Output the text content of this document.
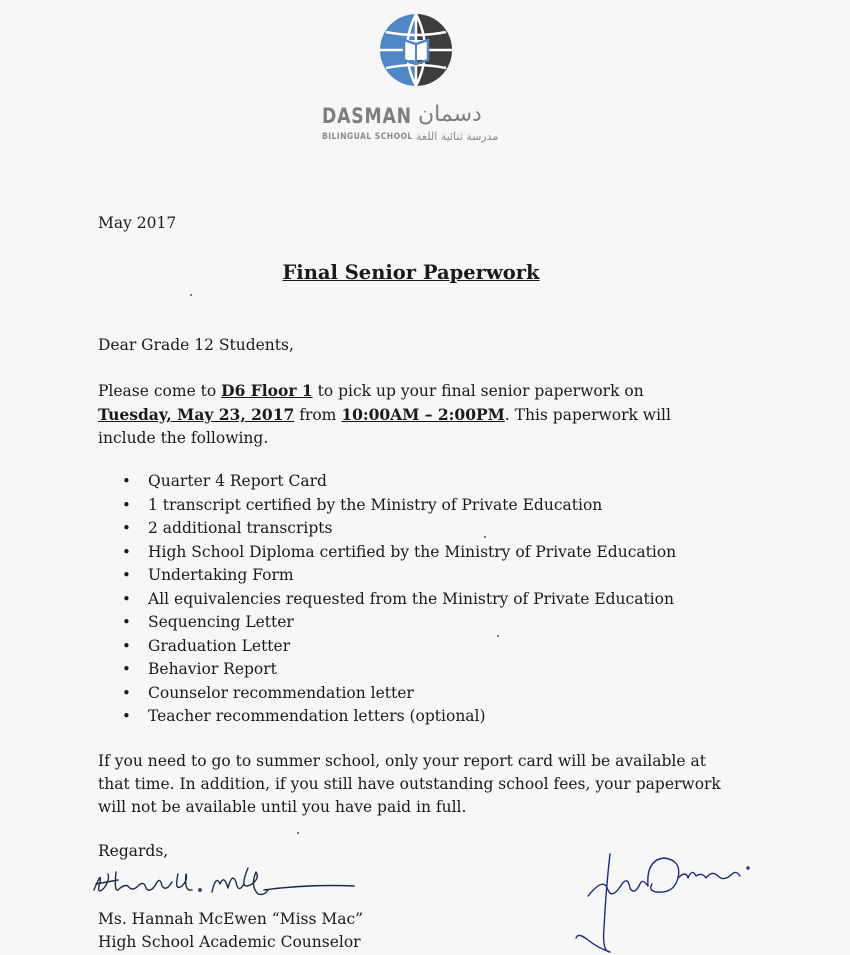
DASMAN دسمان
BILINGUAL SCHOOL مدرسة ثنائية اللغة
May 2017
Final Senior Paperwork
Dear Grade 12 Students,
Please come to D6 Floor 1 to pick up your final senior paperwork on Tuesday, May 23, 2017 from 10:00AM – 2:00PM. This paperwork will include the following.
• Quarter 4 Report Card
• 1 transcript certified by the Ministry of Private Education
• 2 additional transcripts
• High School Diploma certified by the Ministry of Private Education
• Undertaking Form
• All equivalencies requested from the Ministry of Private Education
• Sequencing Letter
• Graduation Letter
• Behavior Report
• Counselor recommendation letter
• Teacher recommendation letters (optional)
If you need to go to summer school, only your report card will be available at that time. In addition, if you still have outstanding school fees, your paperwork will not be available until you have paid in full.
Regards,
Ms. Hannah McEwen “Miss Mac”
High School Academic Counselor
